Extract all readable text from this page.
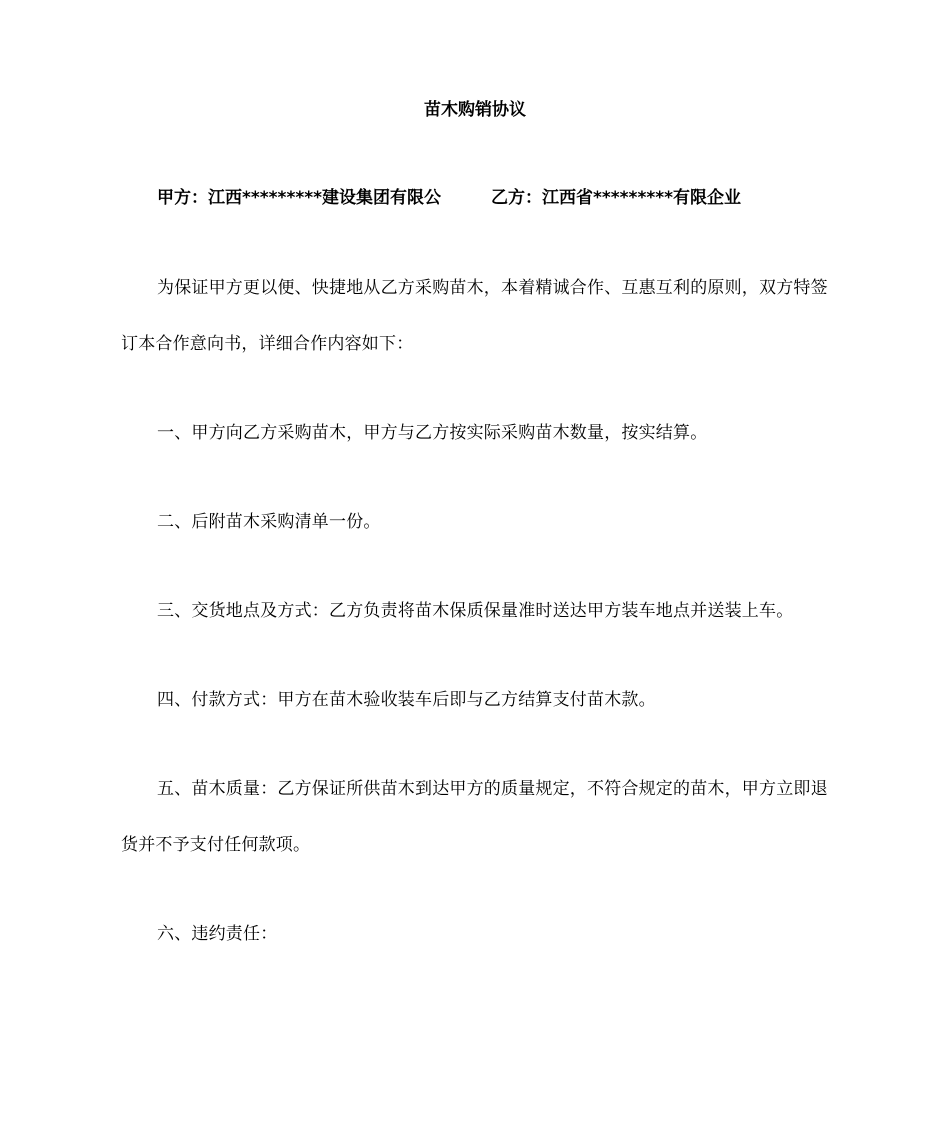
苗木购销协议
甲方：江西*********建设集团有限公	乙方：江西省*********有限企业
为保证甲方更以便、快捷地从乙方采购苗木，本着精诚合作、互惠互利的原则，双方特签订本合作意向书，详细合作内容如下：
一、甲方向乙方采购苗木，甲方与乙方按实际采购苗木数量，按实结算。
二、后附苗木采购清单一份。
三、交货地点及方式：乙方负责将苗木保质保量准时送达甲方装车地点并送装上车。
四、付款方式：甲方在苗木验收装车后即与乙方结算支付苗木款。
五、苗木质量：乙方保证所供苗木到达甲方的质量规定，不符合规定的苗木，甲方立即退货并不予支付任何款项。
六、违约责任：
